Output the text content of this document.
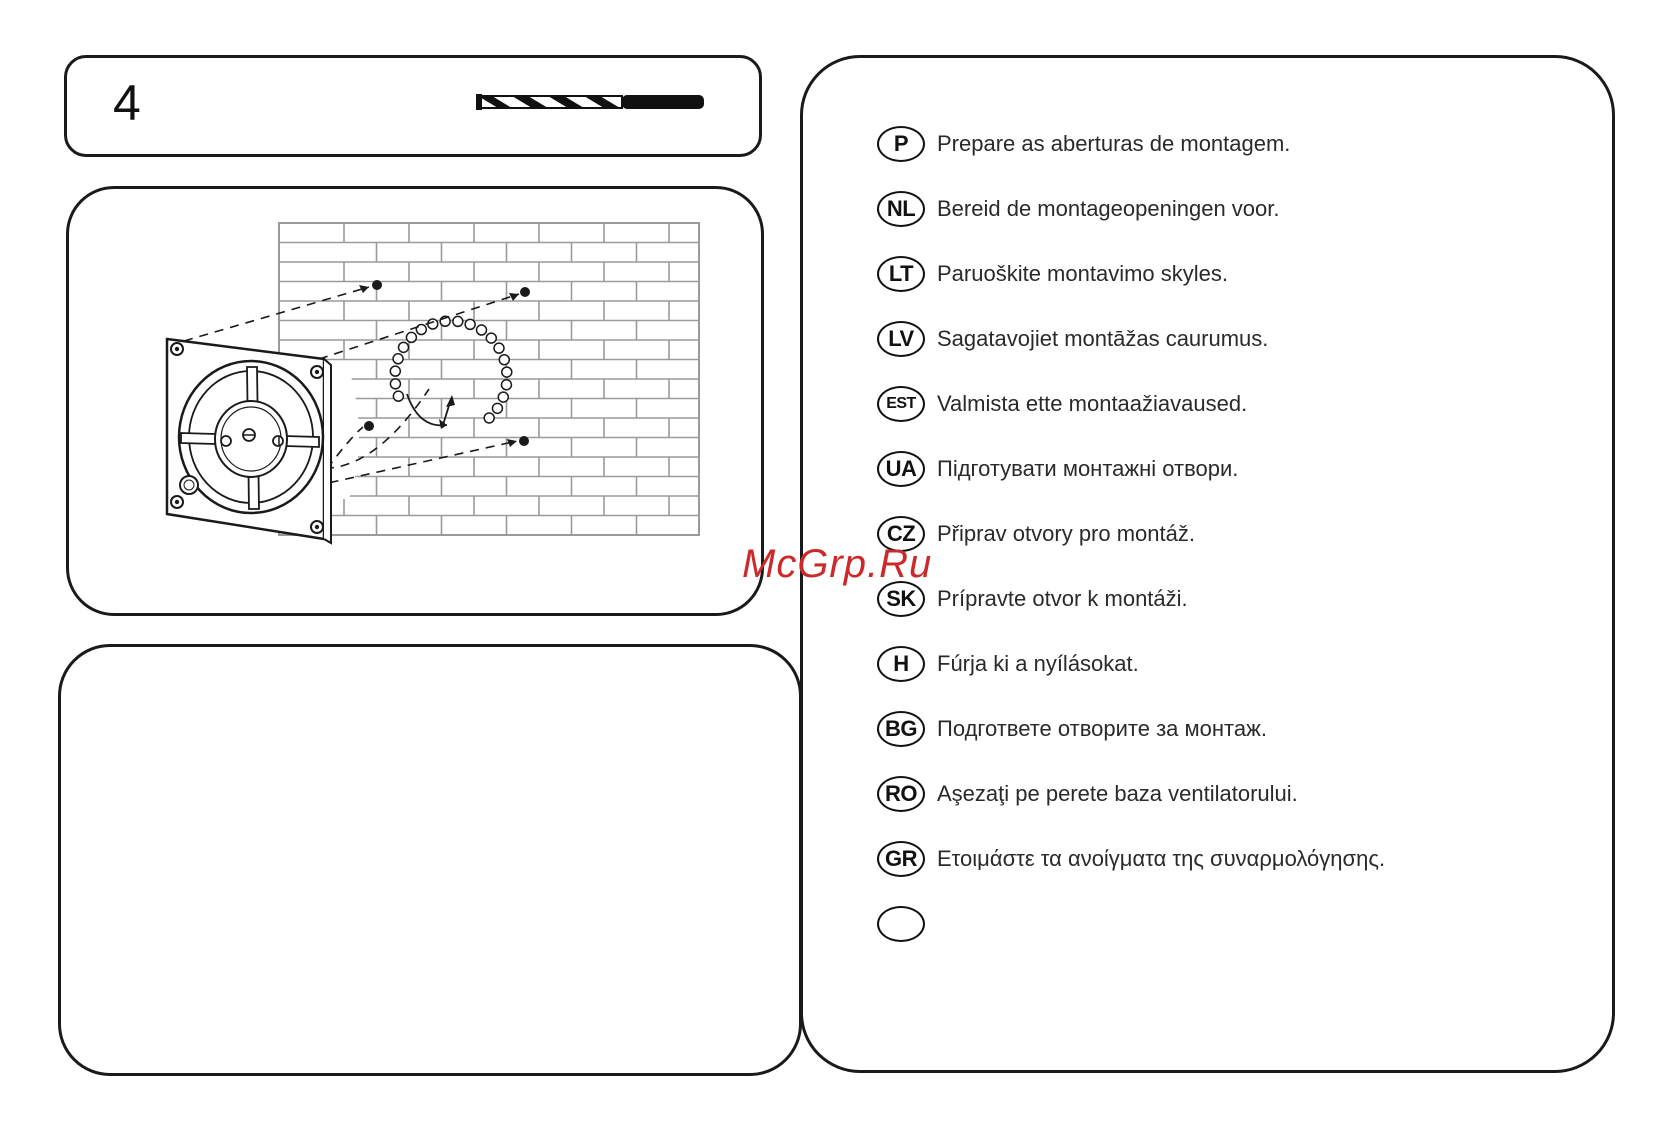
4
P	Prepare as aberturas de montagem.
NL Bereid de montageopeningen voor.
LT	Paruoškite montavimo skyles.
LV	Sagatavojiet montāžas caurumus.
EST Valmista ette montaažiavaused.
UA Підготувати монтажні отвори.
CZ Připrav otvory pro montáž.
SK Prípravte otvor k montáži.
H	Fúrja ki a nyílásokat.
BG Подгответе отворите за монтаж.
RO Aşezaţi pe perete baza ventilatorului.
GR Ετοιμάστε τα ανοίγματα της συναρμολόγησης.
McGrp.Ru
